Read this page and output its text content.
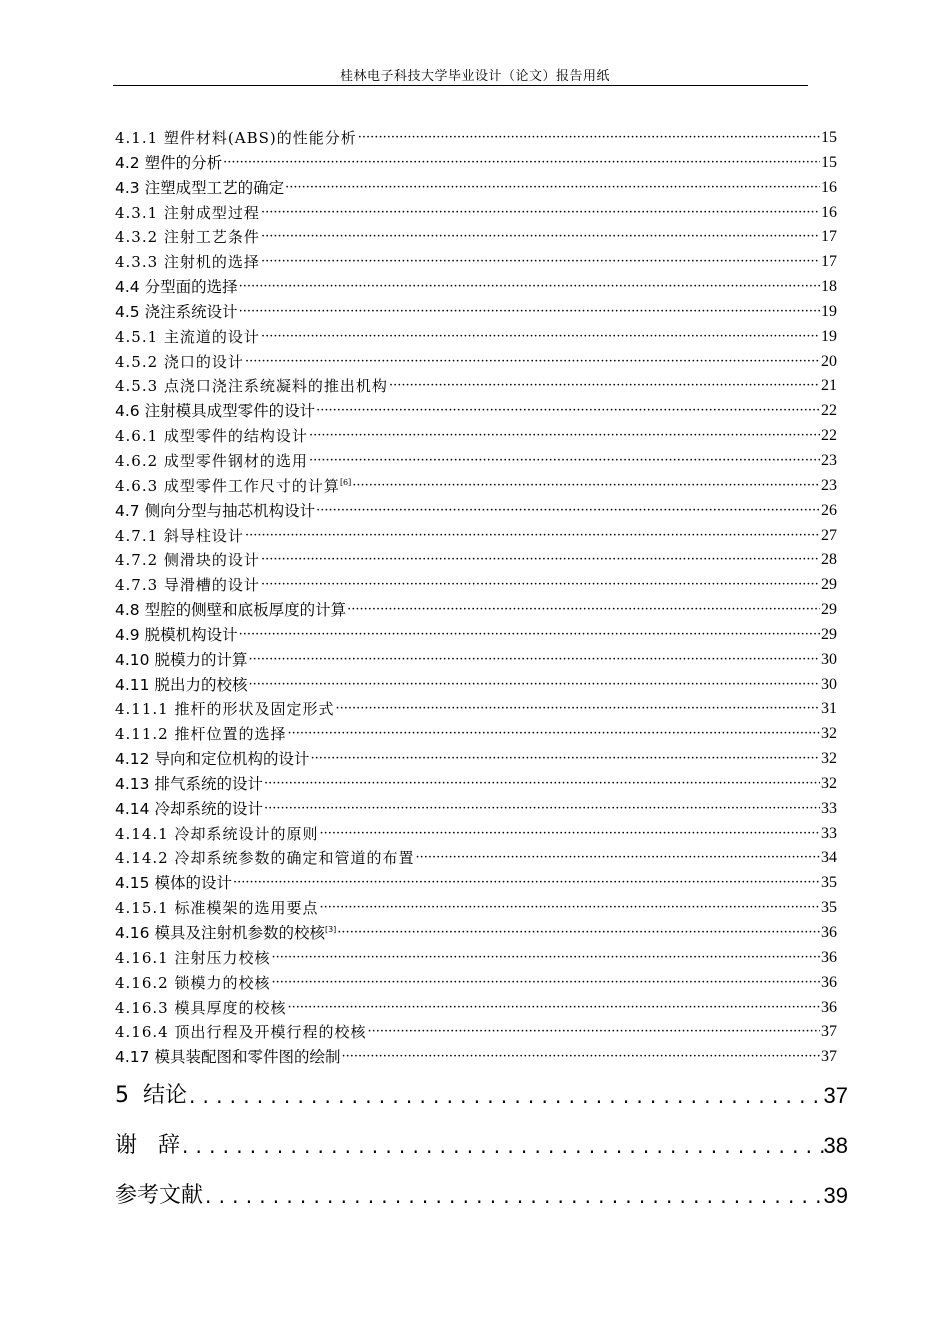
桂林电子科技大学毕业设计（论文）报告用纸
4.1.1 塑件材料(ABS)的性能分析 ·····	15
4.2 塑件的分析 ·····	15
4.3 注塑成型工艺的确定 ·····	16
4.3.1 注射成型过程 ·····	16
4.3.2 注射工艺条件 ·····	17
4.3.3 注射机的选择 ·····	17
4.4 分型面的选择 ·····	18
4.5 浇注系统设计 ·····	19
4.5.1 主流道的设计 ·····	19
4.5.2 浇口的设计 ·····	20
4.5.3 点浇口浇注系统凝料的推出机构 ·····	21
4.6 注射模具成型零件的设计 ·····	22
4.6.1 成型零件的结构设计 ·····	22
4.6.2 成型零件钢材的选用 ·····	23
4.6.3 成型零件工作尺寸的计算[6] ·····	23
4.7 侧向分型与抽芯机构设计 ·····	26
4.7.1 斜导柱设计 ·····	27
4.7.2 侧滑块的设计 ·····	28
4.7.3 导滑槽的设计 ·····	29
4.8 型腔的侧壁和底板厚度的计算 ·····	29
4.9 脱模机构设计 ·····	29
4.10 脱模力的计算 ·····	30
4.11 脱出力的校核 ·····	30
4.11.1 推杆的形状及固定形式 ·····	31
4.11.2 推杆位置的选择 ·····	32
4.12 导向和定位机构的设计 ·····	32
4.13 排气系统的设计 ·····	32
4.14 冷却系统的设计 ·····	33
4.14.1 冷却系统设计的原则 ·····	33
4.14.2 冷却系统参数的确定和管道的布置 ·····	34
4.15 模体的设计 ·····	35
4.15.1 标准模架的选用要点 ·····	35
4.16 模具及注射机参数的校核[3] ·····	36
4.16.1 注射压力校核 ·····	36
4.16.2 锁模力的校核 ·····	36
4.16.3 模具厚度的校核 ·····	36
4.16.4 顶出行程及开模行程的校核 ·····	37
4.17 模具装配图和零件图的绘制 ·····	37
5  结论 .....	37
谢   辞 .....	38
参考文献 .....	39
